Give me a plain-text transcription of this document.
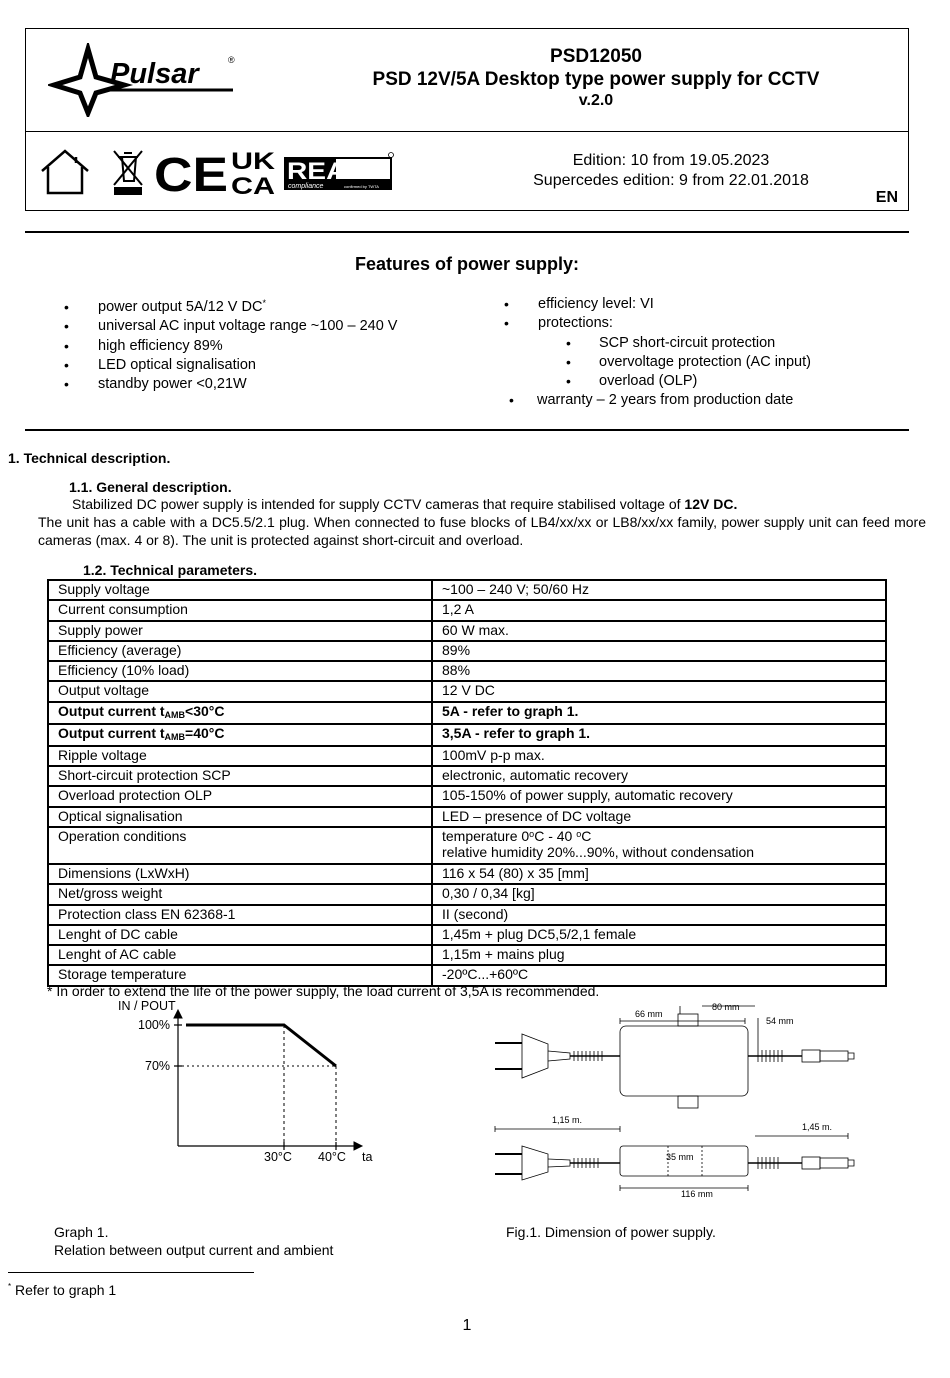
Pulsar	®	PSD12050
PSD 12V/5A Desktop type power supply for CCTV
v.2.0
CE UK
CA
REACH
compliance	confirmed by TWTA
Edition: 10 from 19.05.2023
Supercedes edition: 9 from 22.01.2018
EN
Features of power supply:
• power output 5A/12 V DC*
• universal AC input voltage range ~100 – 240 V
• high efficiency 89%
• LED optical signalisation
• standby power <0,21W
• efficiency level: VI
• protections:
• SCP short-circuit protection
• overvoltage protection (AC input)
• overload (OLP)
• warranty – 2 years from production date
1. Technical description.
1.1. General description.
Stabilized DC power supply is intended for supply CCTV cameras that require stabilised voltage of 12V DC.
The unit has a cable with a DC5.5/2.1 plug. When connected to fuse blocks of LB4/xx/xx or LB8/xx/xx family, power supply unit can feed more cameras (max. 4 or 8). The unit is protected against short-circuit and overload.
1.2. Technical parameters.
Supply voltage	~100 – 240 V; 50/60 Hz
Current consumption	1,2 A
Supply power	60 W max.
Efficiency (average)	89%
Efficiency (10% load)	88%
Output voltage	12 V DC
Output current $t_{AMB}<30^\circ C$	5A - refer to graph 1.
Output current $t_{AMB}=40^\circ C$	3,5A - refer to graph 1.
Ripple voltage	100mV p-p max.
Short-circuit protection SCP	electronic, automatic recovery
Overload protection OLP	105-150% of power supply, automatic recovery
Optical signalisation	LED – presence of DC voltage
Operation conditions	temperature 0$^o$C - 40 $^o$C
relative humidity 20%...90%, without condensation
Dimensions (LxWxH)	116 x 54 (80) x 35 [mm]
Net/gross weight	0,30 / 0,34 [kg]
Protection class EN 62368-1	II (second)
Lenght of DC cable	1,45m + plug DC5,5/2,1 female
Lenght of AC cable	1,15m + mains plug
Storage temperature	-20ºC...+60ºC
* In order to extend the life of the power supply, the load current of 3,5A is recommended.
IN / POUT
100%
70%
30°C 40°C ta
66 mm
80 mm
54 mm
1,15 m.
1,45 m.
35 mm
116 mm
Graph 1.
Relation between output current and ambient
Fig.1. Dimension of power supply.
* Refer to graph 1
1
